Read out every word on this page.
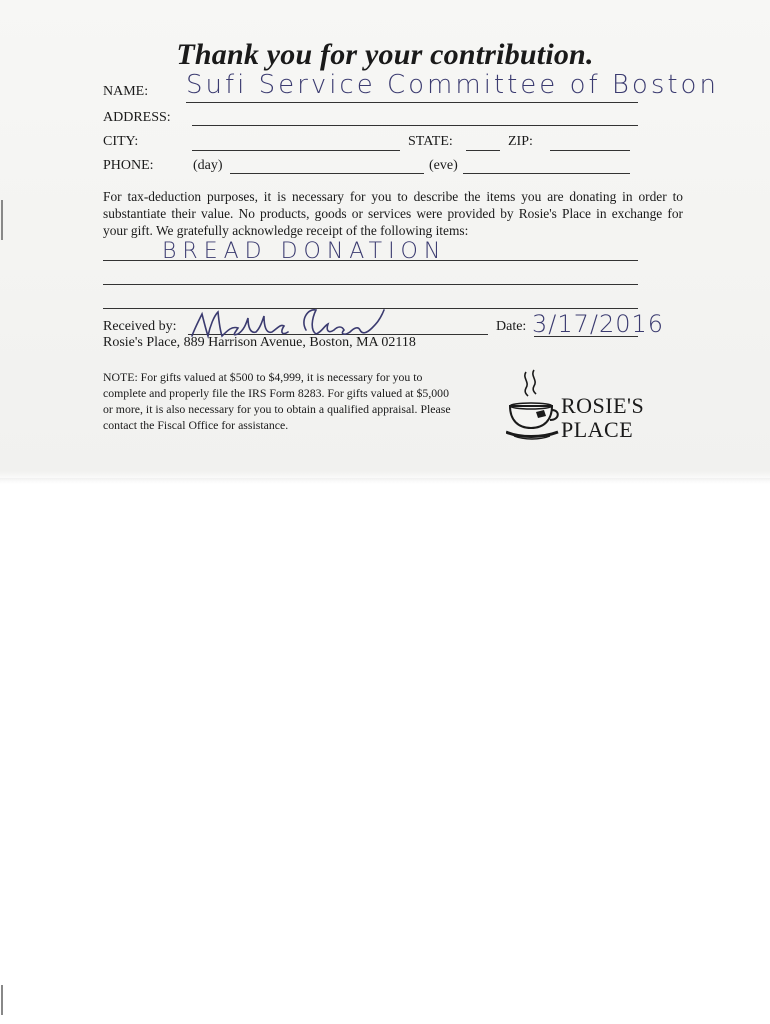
Thank you for your contribution.
NAME: Sufi Service Committee of Boston
ADDRESS:
CITY:	STATE:	ZIP:
PHONE:	(day)	(eve)
For tax-deduction purposes, it is necessary for you to describe the items you are donating in order to substantiate their value. No products, goods or services were provided by Rosie's Place in exchange for your gift. We gratefully acknowledge receipt of the following items:
BREAD DONATION
Received by:	Date: 3/17/2016
Rosie's Place, 889 Harrison Avenue, Boston, MA 02118
NOTE: For gifts valued at $500 to $4,999, it is necessary for you to complete and properly file the IRS Form 8283. For gifts valued at $5,000 or more, it is also necessary for you to obtain a qualified appraisal. Please contact the Fiscal Office for assistance.
ROSIE'S
PLACE
